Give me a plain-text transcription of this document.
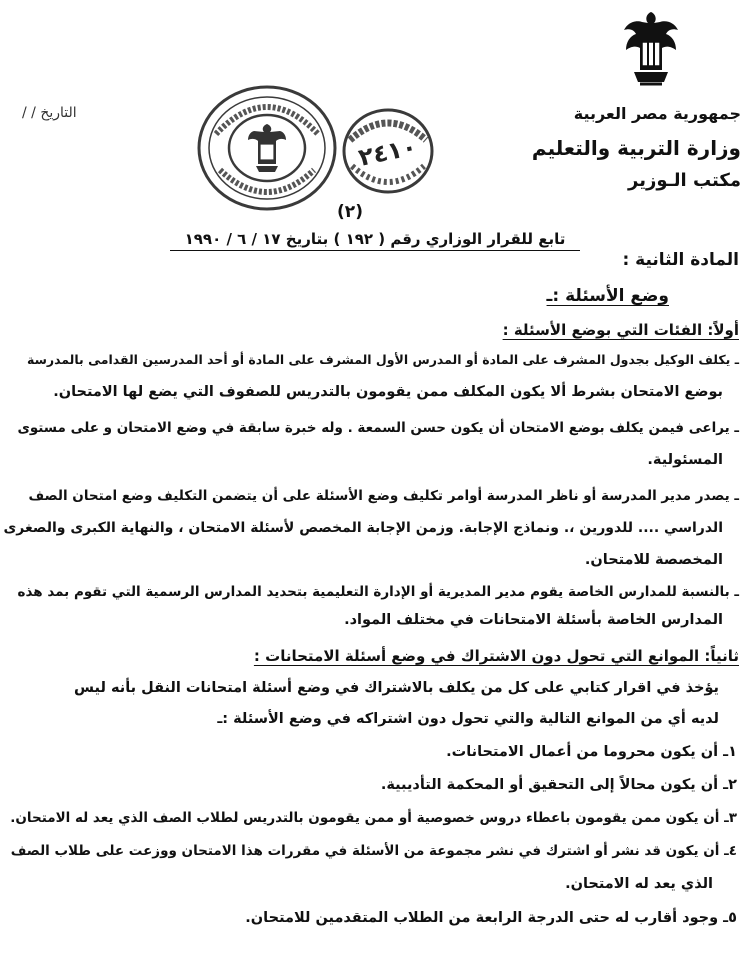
جمهورية مصر العربية
وزارة التربية والتعليم
مكتب الـوزير
التاريخ / /
٢٤١٠
(٢)
تابع للقرار الوزاري رقم ( ١٩٢ ) بتاريخ ١٧ / ٦ / ١٩٩٠
المادة الثانية :
وضع الأسئلة :ـ
أولاً: الفئات التي بوضع الأسئلة :
ـ يكلف الوكيل بجدول المشرف على المادة أو المدرس الأول المشرف على المادة أو أحد المدرسين القدامى بالمدرسة
بوضع الامتحان بشرط ألا يكون المكلف ممن يقومون بالتدريس للصفوف التي يضع لها الامتحان.
ـ يراعى فيمن يكلف بوضع الامتحان أن يكون حسن السمعة . وله خبرة سابقة في وضع الامتحان و على مستوى
المسئولية.
ـ يصدر مدير المدرسة أو ناظر المدرسة أوامر تكليف وضع الأسئلة على أن يتضمن التكليف وضع امتحان الصف
الدراسي .... للدورين ،. ونماذج الإجابة. وزمن الإجابة المخصص لأسئلة الامتحان ، والنهاية الكبرى والصغرى
المخصصة للامتحان.
ـ بالنسبة للمدارس الخاصة يقوم مدير المديرية أو الإدارة التعليمية بتحديد المدارس الرسمية التي تقوم بمد هذه
المدارس الخاصة بأسئلة الامتحانات في مختلف المواد.
ثانياً: الموانع التي تحول دون الاشتراك في وضع أسئلة الامتحانات :
يؤخذ في اقرار كتابي على كل من يكلف بالاشتراك في وضع أسئلة امتحانات النقل بأنه ليس
لديه أي من الموانع التالية والتي تحول دون اشتراكه في وضع الأسئلة :ـ
١ـ أن يكون محروما من أعمال الامتحانات.
٢ـ أن يكون محالاً إلى التحقيق أو المحكمة التأديبية.
٣ـ أن يكون ممن يقومون باعطاء دروس خصوصية أو ممن يقومون بالتدريس لطلاب الصف الذي يعد له الامتحان.
٤ـ أن يكون قد نشر أو اشترك في نشر مجموعة من الأسئلة في مقررات هذا الامتحان ووزعت على طلاب الصف
الذي يعد له الامتحان.
٥ـ وجود أقارب له حتى الدرجة الرابعة من الطلاب المتقدمين للامتحان.
